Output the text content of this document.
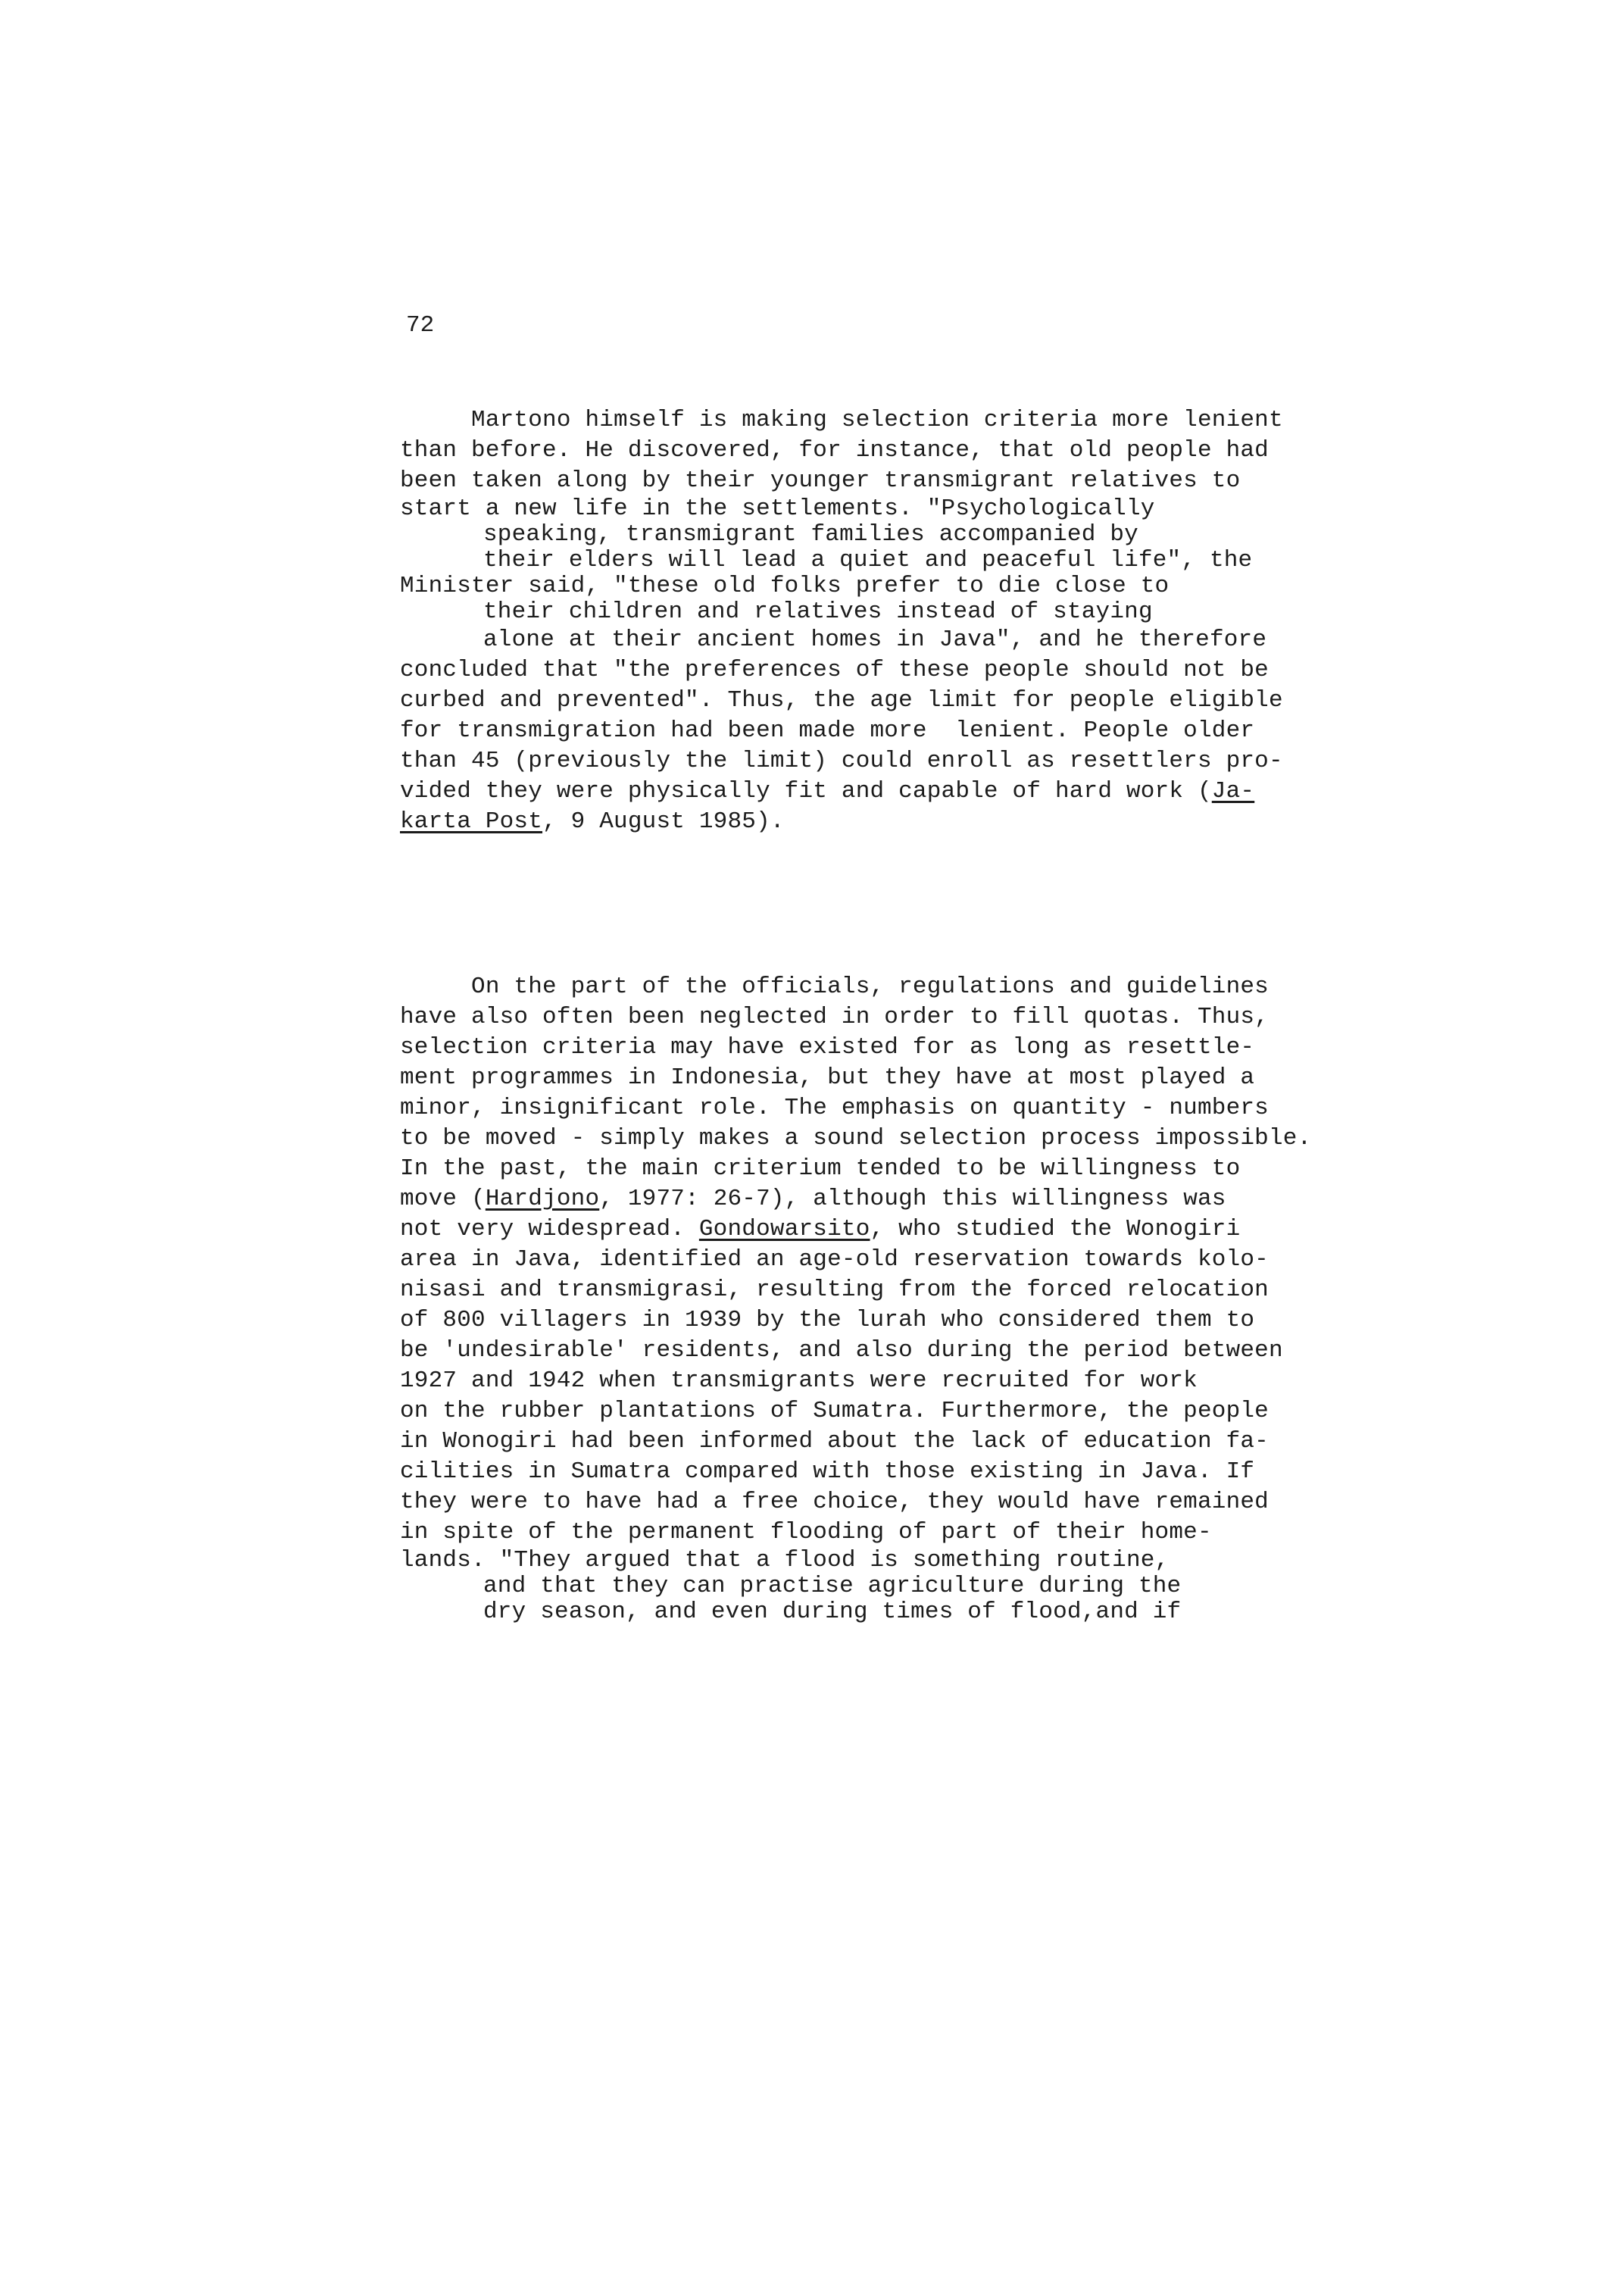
72
Martono himself is making selection criteria more lenient
than before. He discovered, for instance, that old people had
been taken along by their younger transmigrant relatives to
start a new life in the settlements. "Psychologically
speaking, transmigrant families accompanied by
their elders will lead a quiet and peaceful life", the
Minister said, "these old folks prefer to die close to
their children and relatives instead of staying
alone at their ancient homes in Java", and he therefore
concluded that "the preferences of these people should not be
curbed and prevented". Thus, the age limit for people eligible
for transmigration had been made more  lenient. People older
than 45 (previously the limit) could enroll as resettlers pro-
vided they were physically fit and capable of hard work (Ja-
karta Post, 9 August 1985).
On the part of the officials, regulations and guidelines
have also often been neglected in order to fill quotas. Thus,
selection criteria may have existed for as long as resettle-
ment programmes in Indonesia, but they have at most played a
minor, insignificant role. The emphasis on quantity - numbers
to be moved - simply makes a sound selection process impossible.
In the past, the main criterium tended to be willingness to
move (Hardjono, 1977: 26-7), although this willingness was
not very widespread. Gondowarsito, who studied the Wonogiri
area in Java, identified an age-old reservation towards kolo-
nisasi and transmigrasi, resulting from the forced relocation
of 800 villagers in 1939 by the lurah who considered them to
be 'undesirable' residents, and also during the period between
1927 and 1942 when transmigrants were recruited for work
on the rubber plantations of Sumatra. Furthermore, the people
in Wonogiri had been informed about the lack of education fa-
cilities in Sumatra compared with those existing in Java. If
they were to have had a free choice, they would have remained
in spite of the permanent flooding of part of their home-
lands. "They argued that a flood is something routine,
and that they can practise agriculture during the
dry season, and even during times of flood,and if
